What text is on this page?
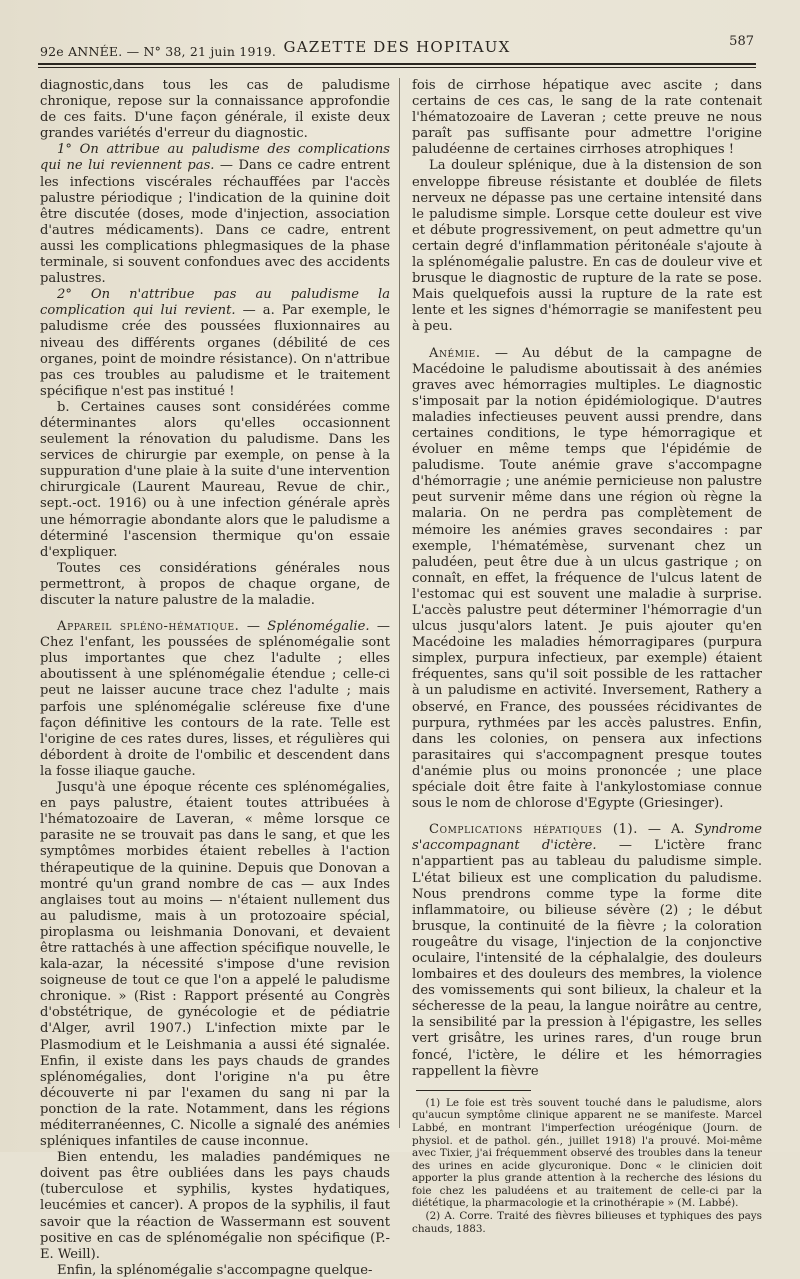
92e ANNÉE. — N° 38, 21 juin 1919. GAZETTE DES HOPITAUX	587

diagnostic,dans tous les cas de paludisme chronique, repose sur la connaissance approfondie de ces faits. D'une façon générale, il existe deux grandes variétés d'erreur du diagnostic.

1° On attribue au paludisme des complications qui ne lui reviennent pas. — Dans ce cadre entrent les infections viscérales réchauffées par l'accès palustre périodique ; l'indication de la quinine doit être discutée (doses, mode d'injection, association d'autres médicaments). Dans ce cadre, entrent aussi les complications phlegmasiques de la phase terminale, si souvent confondues avec des accidents palustres.

2° On n'attribue pas au paludisme la complication qui lui revient. — a. Par exemple, le paludisme crée des poussées fluxionnaires au niveau des différents organes (débilité de ces organes, point de moindre résistance). On n'attribue pas ces troubles au paludisme et le traitement spécifique n'est pas institué !

b. Certaines causes sont considérées comme déterminantes alors qu'elles occasionnent seulement la rénovation du paludisme. Dans les services de chirurgie par exemple, on pense à la suppuration d'une plaie à la suite d'une intervention chirurgicale (Laurent Maureau, Revue de chir., sept.-oct. 1916) ou à une infection générale après une hémorragie abondante alors que le paludisme a déterminé l'ascension thermique qu'on essaie d'expliquer.

Toutes ces considérations générales nous permettront, à propos de chaque organe, de discuter la nature palustre de la maladie.

Appareil spléno-hématique. — Splénomégalie. — Chez l'enfant, les poussées de splénomégalie sont plus importantes que chez l'adulte ; elles aboutissent à une splénomégalie étendue ; celle-ci peut ne laisser aucune trace chez l'adulte ; mais parfois une splénomégalie scléreuse fixe d'une façon définitive les contours de la rate. Telle est l'origine de ces rates dures, lisses, et régulières qui débordent à droite de l'ombilic et descendent dans la fosse iliaque gauche.

Jusqu'à une époque récente ces splénomégalies, en pays palustre, étaient toutes attribuées à l'hématozoaire de Laveran, « même lorsque ce parasite ne se trouvait pas dans le sang, et que les symptômes morbides étaient rebelles à l'action thérapeutique de la quinine. Depuis que Donovan a montré qu'un grand nombre de cas — aux Indes anglaises tout au moins — n'étaient nullement dus au paludisme, mais à un protozoaire spécial, piroplasma ou leishmania Donovani, et devaient être rattachés à une affection spécifique nouvelle, le kala-azar, la nécessité s'impose d'une revision soigneuse de tout ce que l'on a appelé le paludisme chronique. » (Rist : Rapport présenté au Congrès d'obstétrique, de gynécologie et de pédiatrie d'Alger, avril 1907.) L'infection mixte par le Plasmodium et le Leishmania a aussi été signalée. Enfin, il existe dans les pays chauds de grandes splénomégalies, dont l'origine n'a pu être découverte ni par l'examen du sang ni par la ponction de la rate. Notamment, dans les régions méditerranéennes, C. Nicolle a signalé des anémies spléniques infantiles de cause inconnue.

Bien entendu, les maladies pandémiques ne doivent pas être oubliées dans les pays chauds (tuberculose et syphilis, kystes hydatiques, leucémies et cancer). A propos de la syphilis, il faut savoir que la réaction de Wassermann est souvent positive en cas de splénomégalie non spécifique (P.-E. Weill).

Enfin, la splénomégalie s'accompagne quelque-

fois de cirrhose hépatique avec ascite ; dans certains de ces cas, le sang de la rate contenait l'hématozoaire de Laveran ; cette preuve ne nous paraît pas suffisante pour admettre l'origine paludéenne de certaines cirrhoses atrophiques !

La douleur splénique, due à la distension de son enveloppe fibreuse résistante et doublée de filets nerveux ne dépasse pas une certaine intensité dans le paludisme simple. Lorsque cette douleur est vive et débute progressivement, on peut admettre qu'un certain degré d'inflammation péritonéale s'ajoute à la splénomégalie palustre. En cas de douleur vive et brusque le diagnostic de rupture de la rate se pose. Mais quelquefois aussi la rupture de la rate est lente et les signes d'hémorragie se manifestent peu à peu.

Anémie. — Au début de la campagne de Macédoine le paludisme aboutissait à des anémies graves avec hémorragies multiples. Le diagnostic s'imposait par la notion épidémiologique. D'autres maladies infectieuses peuvent aussi prendre, dans certaines conditions, le type hémorragique et évoluer en même temps que l'épidémie de paludisme. Toute anémie grave s'accompagne d'hémorragie ; une anémie pernicieuse non palustre peut survenir même dans une région où règne la malaria. On ne perdra pas complètement de mémoire les anémies graves secondaires : par exemple, l'hématémèse, survenant chez un paludéen, peut être due à un ulcus gastrique ; on connaît, en effet, la fréquence de l'ulcus latent de l'estomac qui est souvent une maladie à surprise. L'accès palustre peut déterminer l'hémorragie d'un ulcus jusqu'alors latent. Je puis ajouter qu'en Macédoine les maladies hémorragipares (purpura simplex, purpura infectieux, par exemple) étaient fréquentes, sans qu'il soit possible de les rattacher à un paludisme en activité. Inversement, Rathery a observé, en France, des poussées récidivantes de purpura, rythmées par les accès palustres. Enfin, dans les colonies, on pensera aux infections parasitaires qui s'accompagnent presque toutes d'anémie plus ou moins prononcée ; une place spéciale doit être faite à l'ankylostomiase connue sous le nom de chlorose d'Egypte (Griesinger).

Complications hépatiques (1). — A. Syndrome s'accompagnant d'ictère. — L'ictère franc n'appartient pas au tableau du paludisme simple. L'état bilieux est une complication du paludisme. Nous prendrons comme type la forme dite inflammatoire, ou bilieuse sévère (2) ; le début brusque, la continuité de la fièvre ; la coloration rougeâtre du visage, l'injection de la conjonctive oculaire, l'intensité de la céphalalgie, des douleurs lombaires et des douleurs des membres, la violence des vomissements qui sont bilieux, la chaleur et la sécheresse de la peau, la langue noirâtre au centre, la sensibilité par la pression à l'épigastre, les selles vert grisâtre, les urines rares, d'un rouge brun foncé, l'ictère, le délire et les hémorragies rappellent la fièvre

(1) Le foie est très souvent touché dans le paludisme, alors qu'aucun symptôme clinique apparent ne se manifeste. Marcel Labbé, en montrant l'imperfection uréogénique (Journ. de physiol. et de pathol. gén., juillet 1918) l'a prouvé. Moi-même avec Tixier, j'ai fréquemment observé des troubles dans la teneur des urines en acide glycuronique. Donc « le clinicien doit apporter la plus grande attention à la recherche des lésions du foie chez les paludéens et au traitement de celle-ci par la diététique, la pharmacologie et la crinothérapie » (M. Labbé).

(2) A. Corre. Traité des fièvres bilieuses et typhiques des pays chauds, 1883.
